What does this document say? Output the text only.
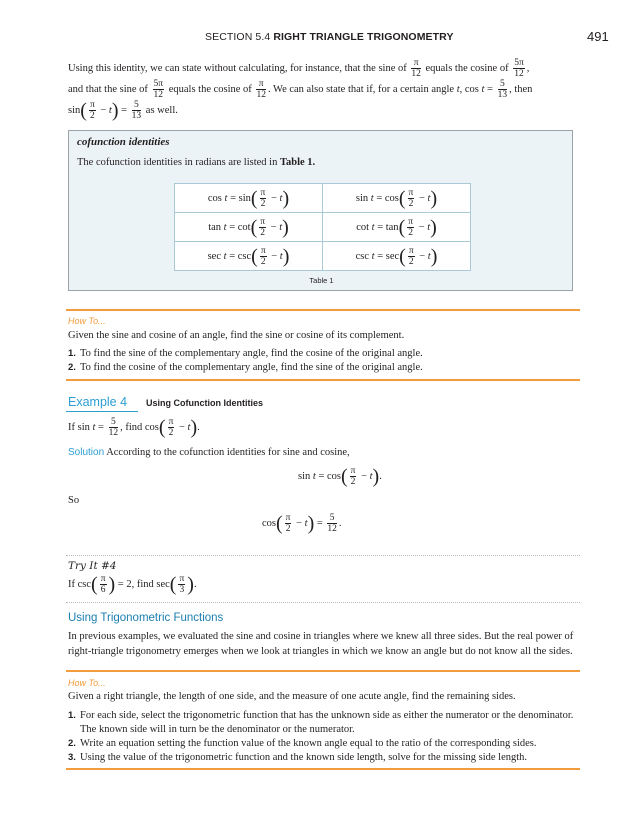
SECTION 5.4 RIGHT TRIANGLE TRIGONOMETRY	491
Using this identity, we can state without calculating, for instance, that the sine of $\frac{\pi}{12}$ equals the cosine of $\frac{5\pi}{12}$ ,
and that the sine of $\frac{5\pi}{12}$ equals the cosine of $\frac{\pi}{12}$ . We can also state that if, for a certain angle t, $\cos t = \frac{5}{13}$ , then
$\sin( \frac{\pi}{2} - t) = \frac{5}{13}$ as well.
cofunction identities
The cofunction identities in radians are listed in Table 1.
$\cos t = \sin( \frac{\pi}{2} - t)$	$\sin t = \cos( \frac{\pi}{2} - t)$
$\tan t = \cot( \frac{\pi}{2} - t)$	$\cot t = \tan( \frac{\pi}{2} - t)$
$\sec t = \csc( \frac{\pi}{2} - t)$	$\csc t = \sec( \frac{\pi}{2} - t)$
Table 1
How To...
Given the sine and cosine of an angle, find the sine or cosine of its complement.
1. To find the sine of the complementary angle, find the cosine of the original angle.
2. To find the cosine of the complementary angle, find the sine of the original angle.
Example 4 Using Cofunction Identities
If $\sin t = \frac{5}{12}$ , find $\cos( \frac{\pi}{2} - t)$.
Solution According to the cofunction identities for sine and cosine,
$\sin t = \cos( \frac{\pi}{2} - t)$.
So
$\cos( \frac{\pi}{2} - t) = \frac{5}{12}$ .
Try It #4
If $\csc( \frac{\pi}{6}$ ) = 2, find $\sec( \frac{\pi}{3}$ ).
Using Trigonometric Functions
In previous examples, we evaluated the sine and cosine in triangles where we knew all three sides. But the real power of
right-triangle trigonometry emerges when we look at triangles in which we know an angle but do not know all the sides.
How To...
Given a right triangle, the length of one side, and the measure of one acute angle, find the remaining sides.
1. For each side, select the trigonometric function that has the unknown side as either the numerator or the denominator.
The known side will in turn be the denominator or the numerator.
2. Write an equation setting the function value of the known angle equal to the ratio of the corresponding sides.
3. Using the value of the trigonometric function and the known side length, solve for the missing side length.
